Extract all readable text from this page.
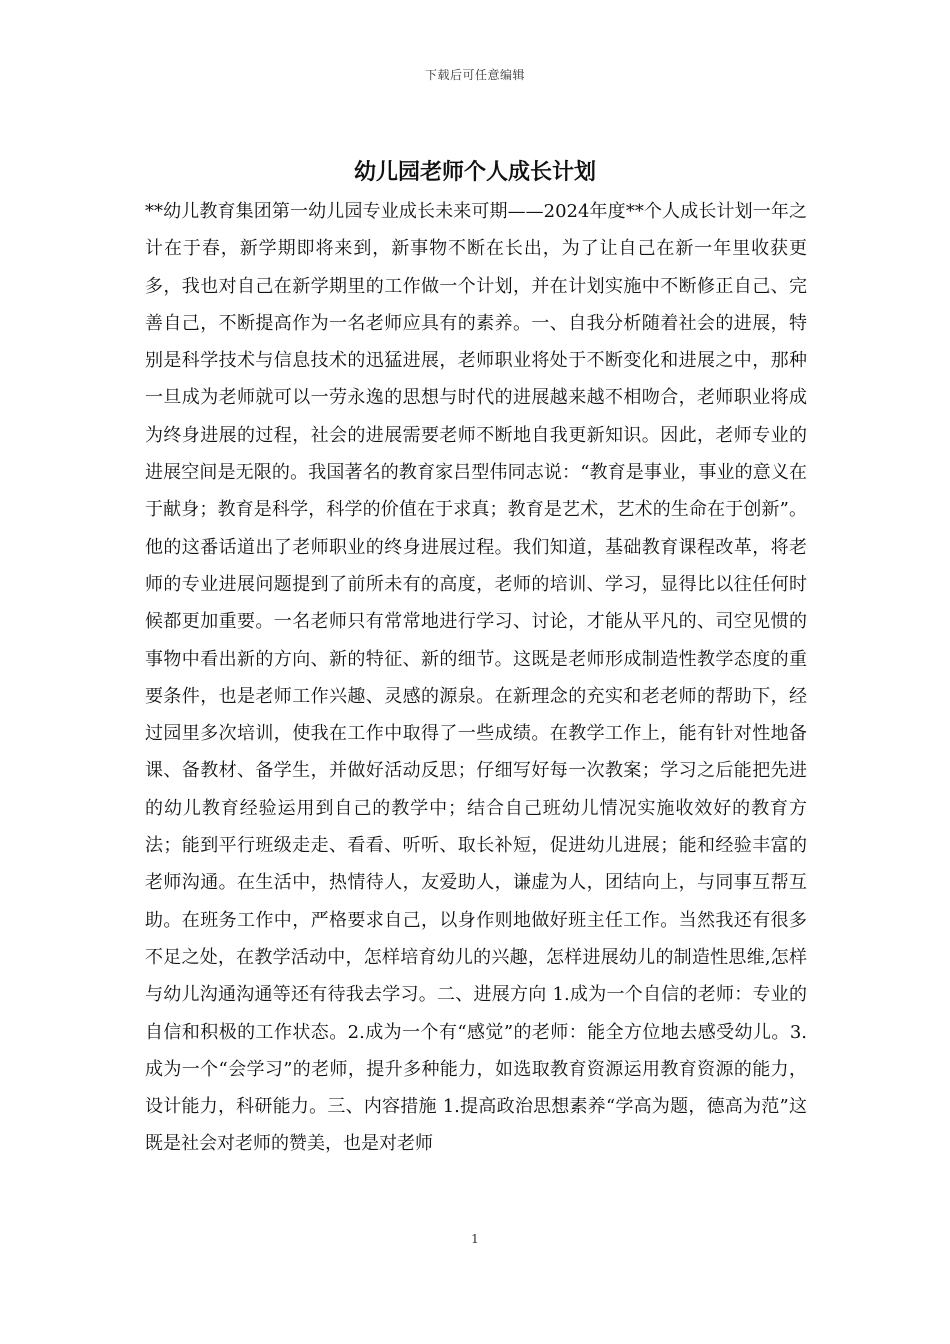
下载后可任意编辑
幼儿园老师个人成长计划

**幼儿教育集团第一幼儿园专业成长未来可期——2024年度**个人成长计划一年之计在于春，新学期即将来到，新事物不断在长出，为了让自己在新一年里收获更多，我也对自己在新学期里的工作做一个计划，并在计划实施中不断修正自己、完善自己，不断提高作为一名老师应具有的素养。一、自我分析随着社会的进展，特别是科学技术与信息技术的迅猛进展，老师职业将处于不断变化和进展之中，那种一旦成为老师就可以一劳永逸的思想与时代的进展越来越不相吻合，老师职业将成为终身进展的过程，社会的进展需要老师不断地自我更新知识。因此，老师专业的进展空间是无限的。我国著名的教育家吕型伟同志说：“教育是事业，事业的意义在于献身；教育是科学，科学的价值在于求真；教育是艺术，艺术的生命在于创新”。他的这番话道出了老师职业的终身进展过程。我们知道，基础教育课程改革，将老师的专业进展问题提到了前所未有的高度，老师的培训、学习，显得比以往任何时候都更加重要。一名老师只有常常地进行学习、讨论，才能从平凡的、司空见惯的事物中看出新的方向、新的特征、新的细节。这既是老师形成制造性教学态度的重要条件，也是老师工作兴趣、灵感的源泉。在新理念的充实和老老师的帮助下，经过园里多次培训，使我在工作中取得了一些成绩。在教学工作上，能有针对性地备课、备教材、备学生，并做好活动反思；仔细写好每一次教案；学习之后能把先进的幼儿教育经验运用到自己的教学中；结合自己班幼儿情况实施收效好的教育方法；能到平行班级走走、看看、听听、取长补短，促进幼儿进展；能和经验丰富的老师沟通。在生活中，热情待人，友爱助人，谦虚为人，团结向上，与同事互帮互助。在班务工作中，严格要求自己，以身作则地做好班主任工作。当然我还有很多不足之处，在教学活动中，怎样培育幼儿的兴趣，怎样进展幼儿的制造性思维,怎样与幼儿沟通沟通等还有待我去学习。二、进展方向 1.成为一个自信的老师：专业的自信和积极的工作状态。2.成为一个有“感觉”的老师：能全方位地去感受幼儿。3.成为一个“会学习”的老师，提升多种能力，如选取教育资源运用教育资源的能力，设计能力，科研能力。三、内容措施 1.提高政治思想素养“学高为题，德高为范”这既是社会对老师的赞美，也是对老师

1
